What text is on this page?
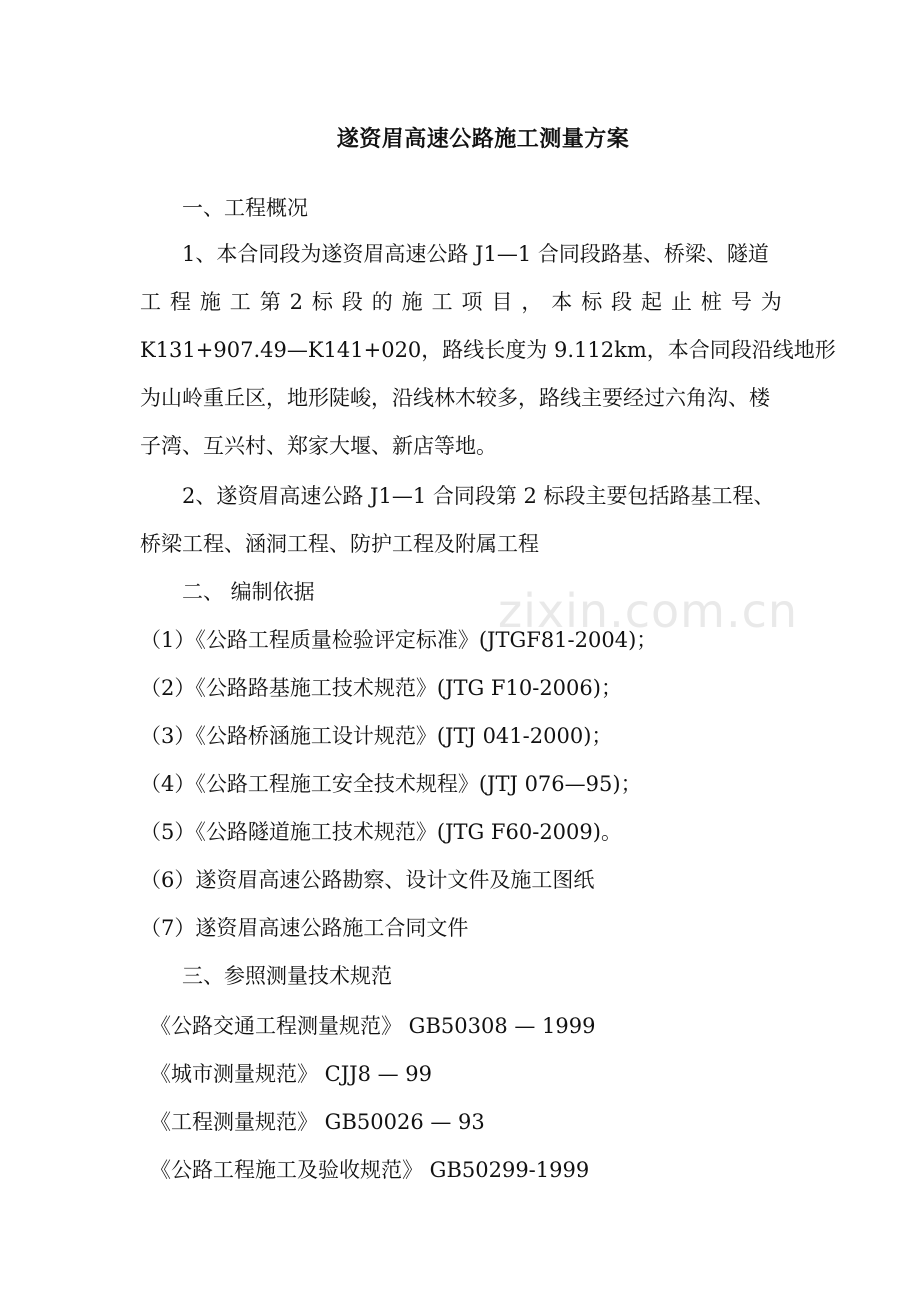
zixin.com.cn
遂资眉高速公路施工测量方案
一、工程概况
1、本合同段为遂资眉高速公路 J1—1 合同段路基、桥梁、隧道
工 程 施 工 第 2 标 段 的 施 工 项 目 ， 本 标 段 起 止 桩 号 为
K131+907.49—K141+020，路线长度为 9.112km，本合同段沿线地形
为山岭重丘区，地形陡峻，沿线林木较多，路线主要经过六角沟、楼
子湾、互兴村、郑家大堰、新店等地。
2、遂资眉高速公路 J1—1 合同段第 2 标段主要包括路基工程、
桥梁工程、涵洞工程、防护工程及附属工程
二、 编制依据
（1）《公路工程质量检验评定标准》(JTGF81-2004)；
（2）《公路路基施工技术规范》(JTG F10-2006)；
（3）《公路桥涵施工设计规范》(JTJ 041-2000)；
（4）《公路工程施工安全技术规程》(JTJ 076—95)；
（5）《公路隧道施工技术规范》(JTG F60-2009)。
（6）遂资眉高速公路勘察、设计文件及施工图纸
（7）遂资眉高速公路施工合同文件
三、参照测量技术规范
《公路交通工程测量规范》 GB50308 — 1999
《城市测量规范》 CJJ8 — 99
《工程测量规范》 GB50026 — 93
《公路工程施工及验收规范》 GB50299-1999
